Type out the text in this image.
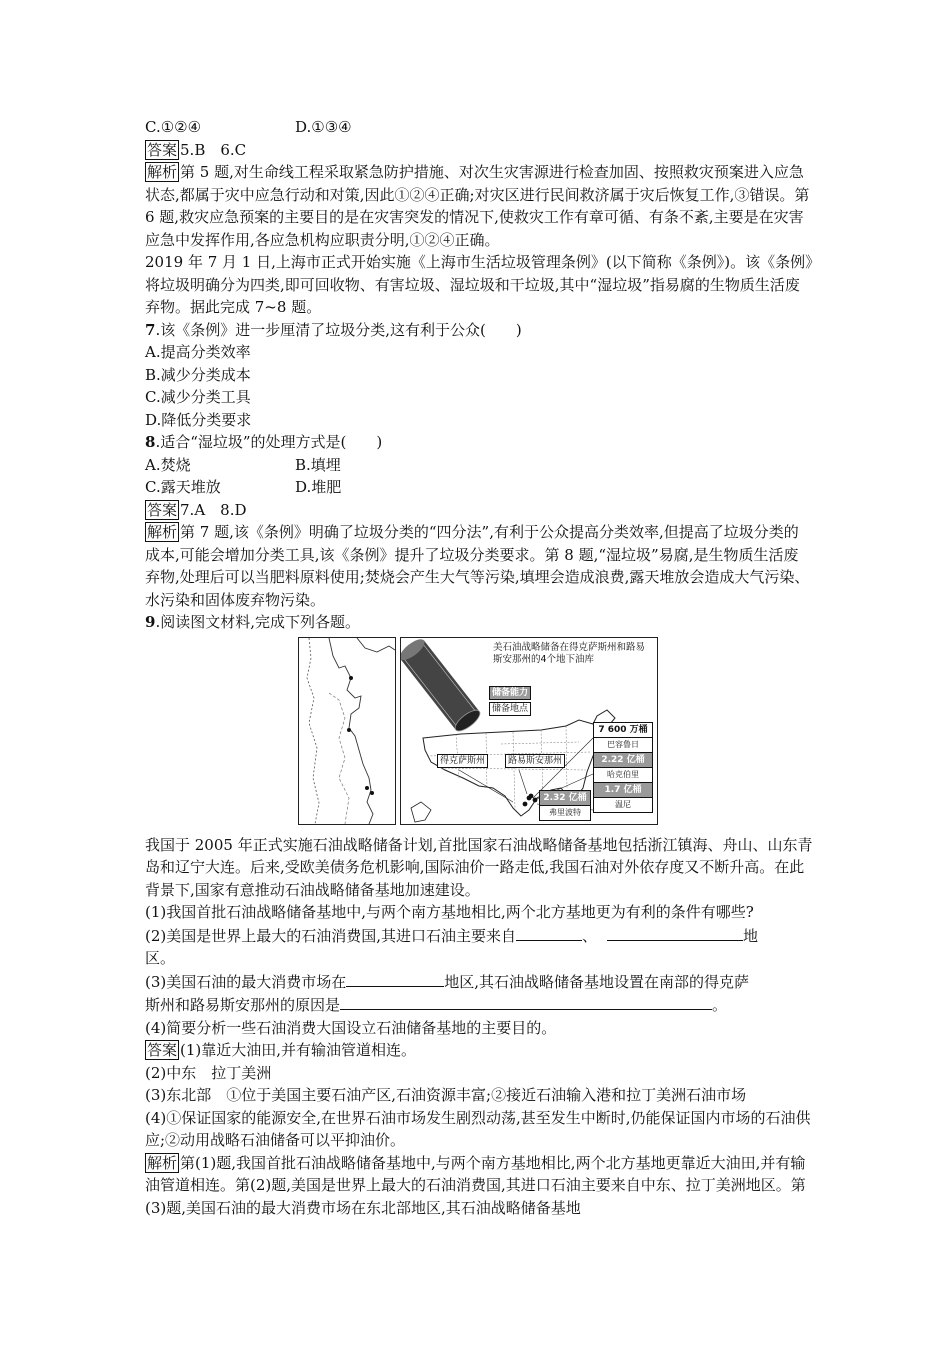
C.①②④	D.①③④
答案 5.B　6.C
解析 第 5 题,对生命线工程采取紧急防护措施、对次生灾害源进行检查加固、按照救灾预案进入应急状态,都属于灾中应急行动和对策,因此①②④正确;对灾区进行民间救济属于灾后恢复工作,③错误。第 6 题,救灾应急预案的主要目的是在灾害突发的情况下,使救灾工作有章可循、有条不紊,主要是在灾害应急中发挥作用,各应急机构应职责分明,①②④正确。
2019 年 7 月 1 日,上海市正式开始实施《上海市生活垃圾管理条例》(以下简称《条例》)。该《条例》将垃圾明确分为四类,即可回收物、有害垃圾、湿垃圾和干垃圾,其中“湿垃圾”指易腐的生物质生活废弃物。据此完成 7~8 题。
7.该《条例》进一步厘清了垃圾分类,这有利于公众(　　)
A.提高分类效率
B.减少分类成本
C.减少分类工具
D.降低分类要求
8.适合“湿垃圾”的处理方式是(　　)
A.焚烧	B.填埋
C.露天堆放	D.堆肥
答案 7.A　8.D
解析 第 7 题,该《条例》明确了垃圾分类的“四分法”,有利于公众提高分类效率,但提高了垃圾分类的成本,可能会增加分类工具,该《条例》提升了垃圾分类要求。第 8 题,“湿垃圾”易腐,是生物质生活废弃物,处理后可以当肥料原料使用;焚烧会产生大气等污染,填埋会造成浪费,露天堆放会造成大气污染、水污染和固体废弃物污染。
9.阅读图文材料,完成下列各题。
美石油战略储备在得克萨斯州和路易斯安那州的4个地下油库
储备能力
储备地点
得克萨斯州	路易斯安那州
7 600 万桶
巴容鲁日
2.22 亿桶
哈克伯里
1.7 亿桶
温尼
2.32 亿桶
弗里波特
我国于 2005 年正式实施石油战略储备计划,首批国家石油战略储备基地包括浙江镇海、舟山、山东青岛和辽宁大连。后来,受欧美债务危机影响,国际油价一路走低,我国石油对外依存度又不断升高。在此背景下,国家有意推动石油战略储备基地加速建设。
(1)我国首批石油战略储备基地中,与两个南方基地相比,两个北方基地更为有利的条件有哪些?
(2)美国是世界上最大的石油消费国,其进口石油主要来自	、	地
区。
(3)美国石油的最大消费市场在	地区,其石油战略储备基地设置在南部的得克萨
斯州和路易斯安那州的原因是	。
(4)简要分析一些石油消费大国设立石油储备基地的主要目的。
答案 (1)靠近大油田,并有输油管道相连。
(2)中东　拉丁美洲
(3)东北部　①位于美国主要石油产区,石油资源丰富;②接近石油输入港和拉丁美洲石油市场
(4)①保证国家的能源安全,在世界石油市场发生剧烈动荡,甚至发生中断时,仍能保证国内市场的石油供应;②动用战略石油储备可以平抑油价。
解析 第(1)题,我国首批石油战略储备基地中,与两个南方基地相比,两个北方基地更靠近大油田,并有输油管道相连。第(2)题,美国是世界上最大的石油消费国,其进口石油主要来自中东、拉丁美洲地区。第(3)题,美国石油的最大消费市场在东北部地区,其石油战略储备基地
